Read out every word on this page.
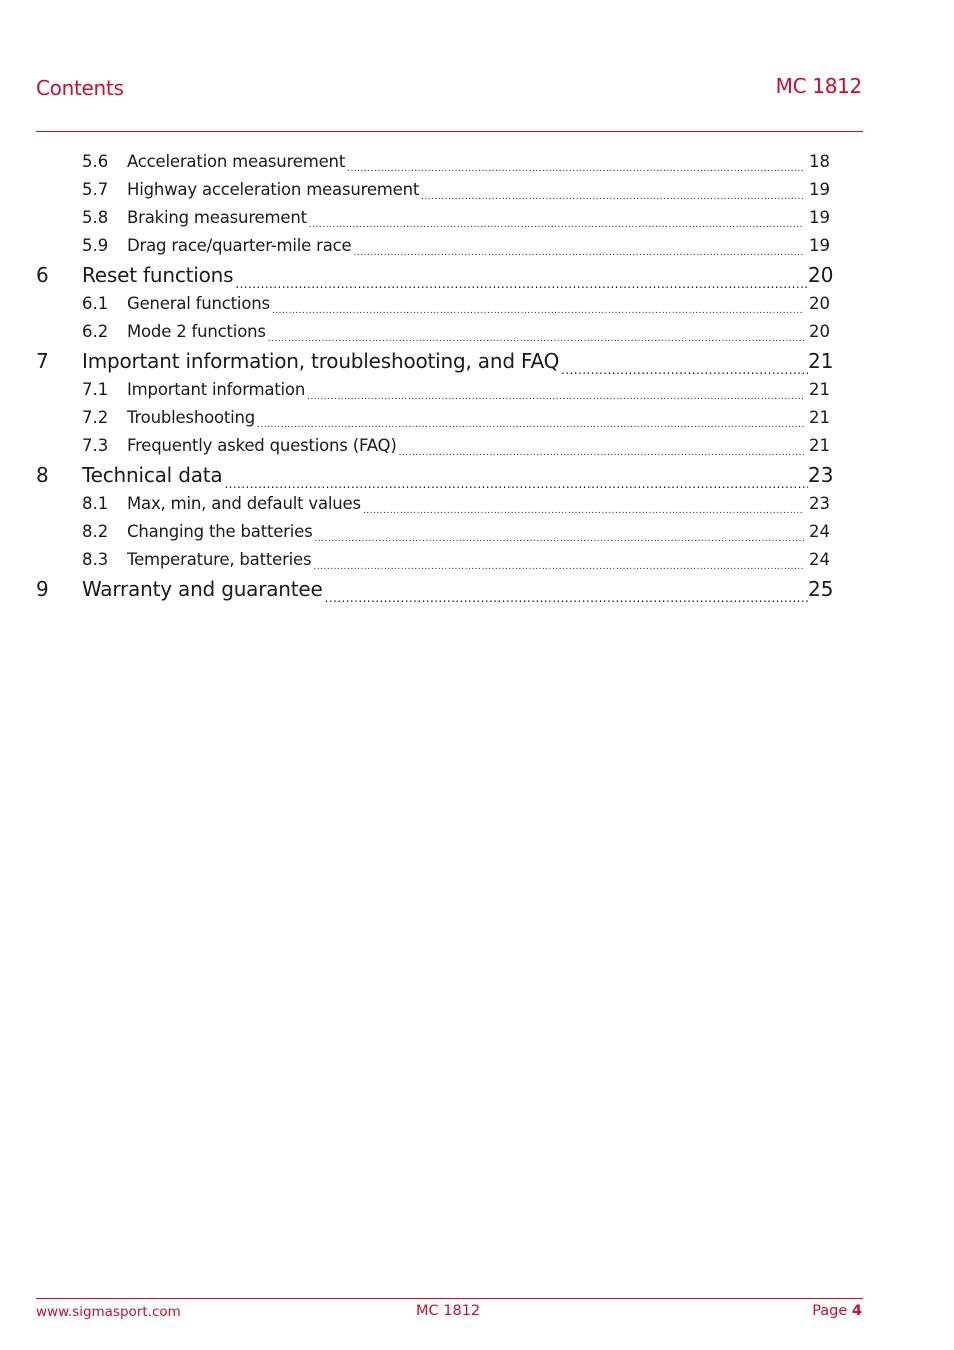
Contents	MC 1812
5.6 Acceleration measurement .....	18
5.7 Highway acceleration measurement .....	19
5.8 Braking measurement .....	19
5.9 Drag race/quarter-mile race .....	19
6 Reset functions .....	20
6.1 General functions .....	20
6.2 Mode 2 functions .....	20
7 Important information, troubleshooting, and FAQ .....	21
7.1 Important information .....	21
7.2 Troubleshooting .....	21
7.3 Frequently asked questions (FAQ) .....	21
8 Technical data .....	23
8.1 Max, min, and default values .....	23
8.2 Changing the batteries .....	24
8.3 Temperature, batteries .....	24
9 Warranty and guarantee .....	25
www.sigmasport.com	MC 1812	Page 4
